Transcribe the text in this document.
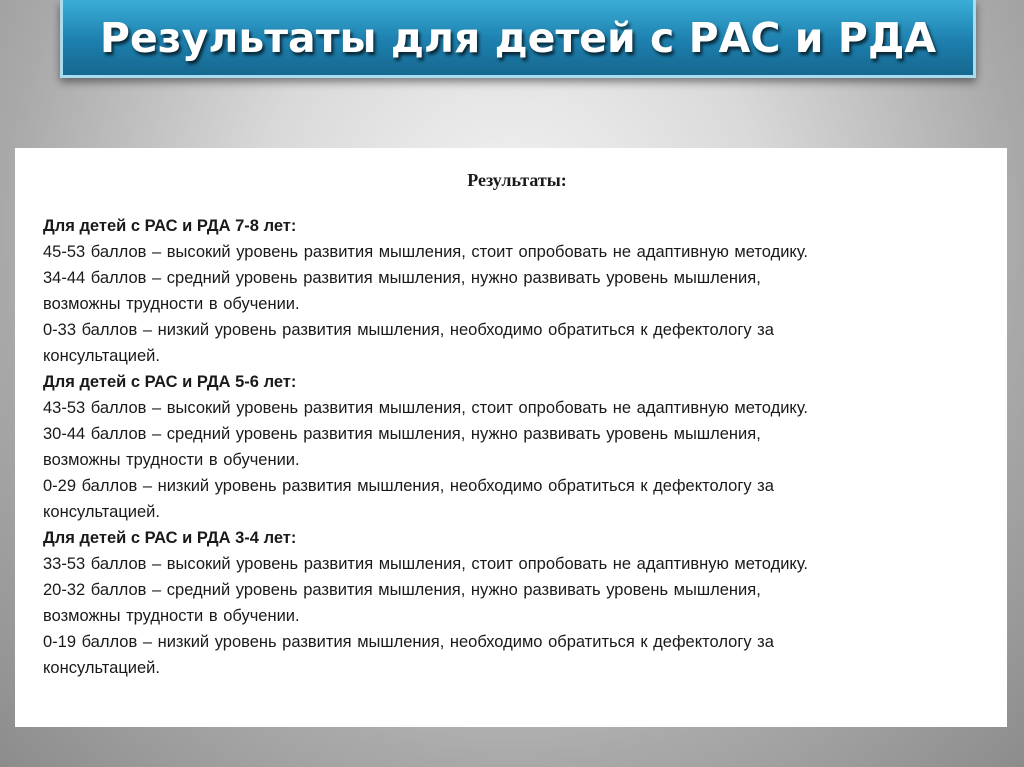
Результаты для детей с РАС и РДА
Результаты:
Для детей с РАС и РДА 7-8 лет:
45-53 баллов – высокий уровень развития мышления, стоит опробовать не адаптивную методику.
34-44 баллов – средний уровень развития мышления, нужно развивать уровень мышления,
возможны трудности в обучении.
0-33 баллов – низкий уровень развития мышления, необходимо обратиться к дефектологу за
консультацией.
Для детей с РАС и РДА 5-6 лет:
43-53 баллов – высокий уровень развития мышления, стоит опробовать не адаптивную методику.
30-44 баллов – средний уровень развития мышления, нужно развивать уровень мышления,
возможны трудности в обучении.
0-29 баллов – низкий уровень развития мышления, необходимо обратиться к дефектологу за
консультацией.
Для детей с РАС и РДА 3-4 лет:
33-53 баллов – высокий уровень развития мышления, стоит опробовать не адаптивную методику.
20-32 баллов – средний уровень развития мышления, нужно развивать уровень мышления,
возможны трудности в обучении.
0-19 баллов – низкий уровень развития мышления, необходимо обратиться к дефектологу за
консультацией.
